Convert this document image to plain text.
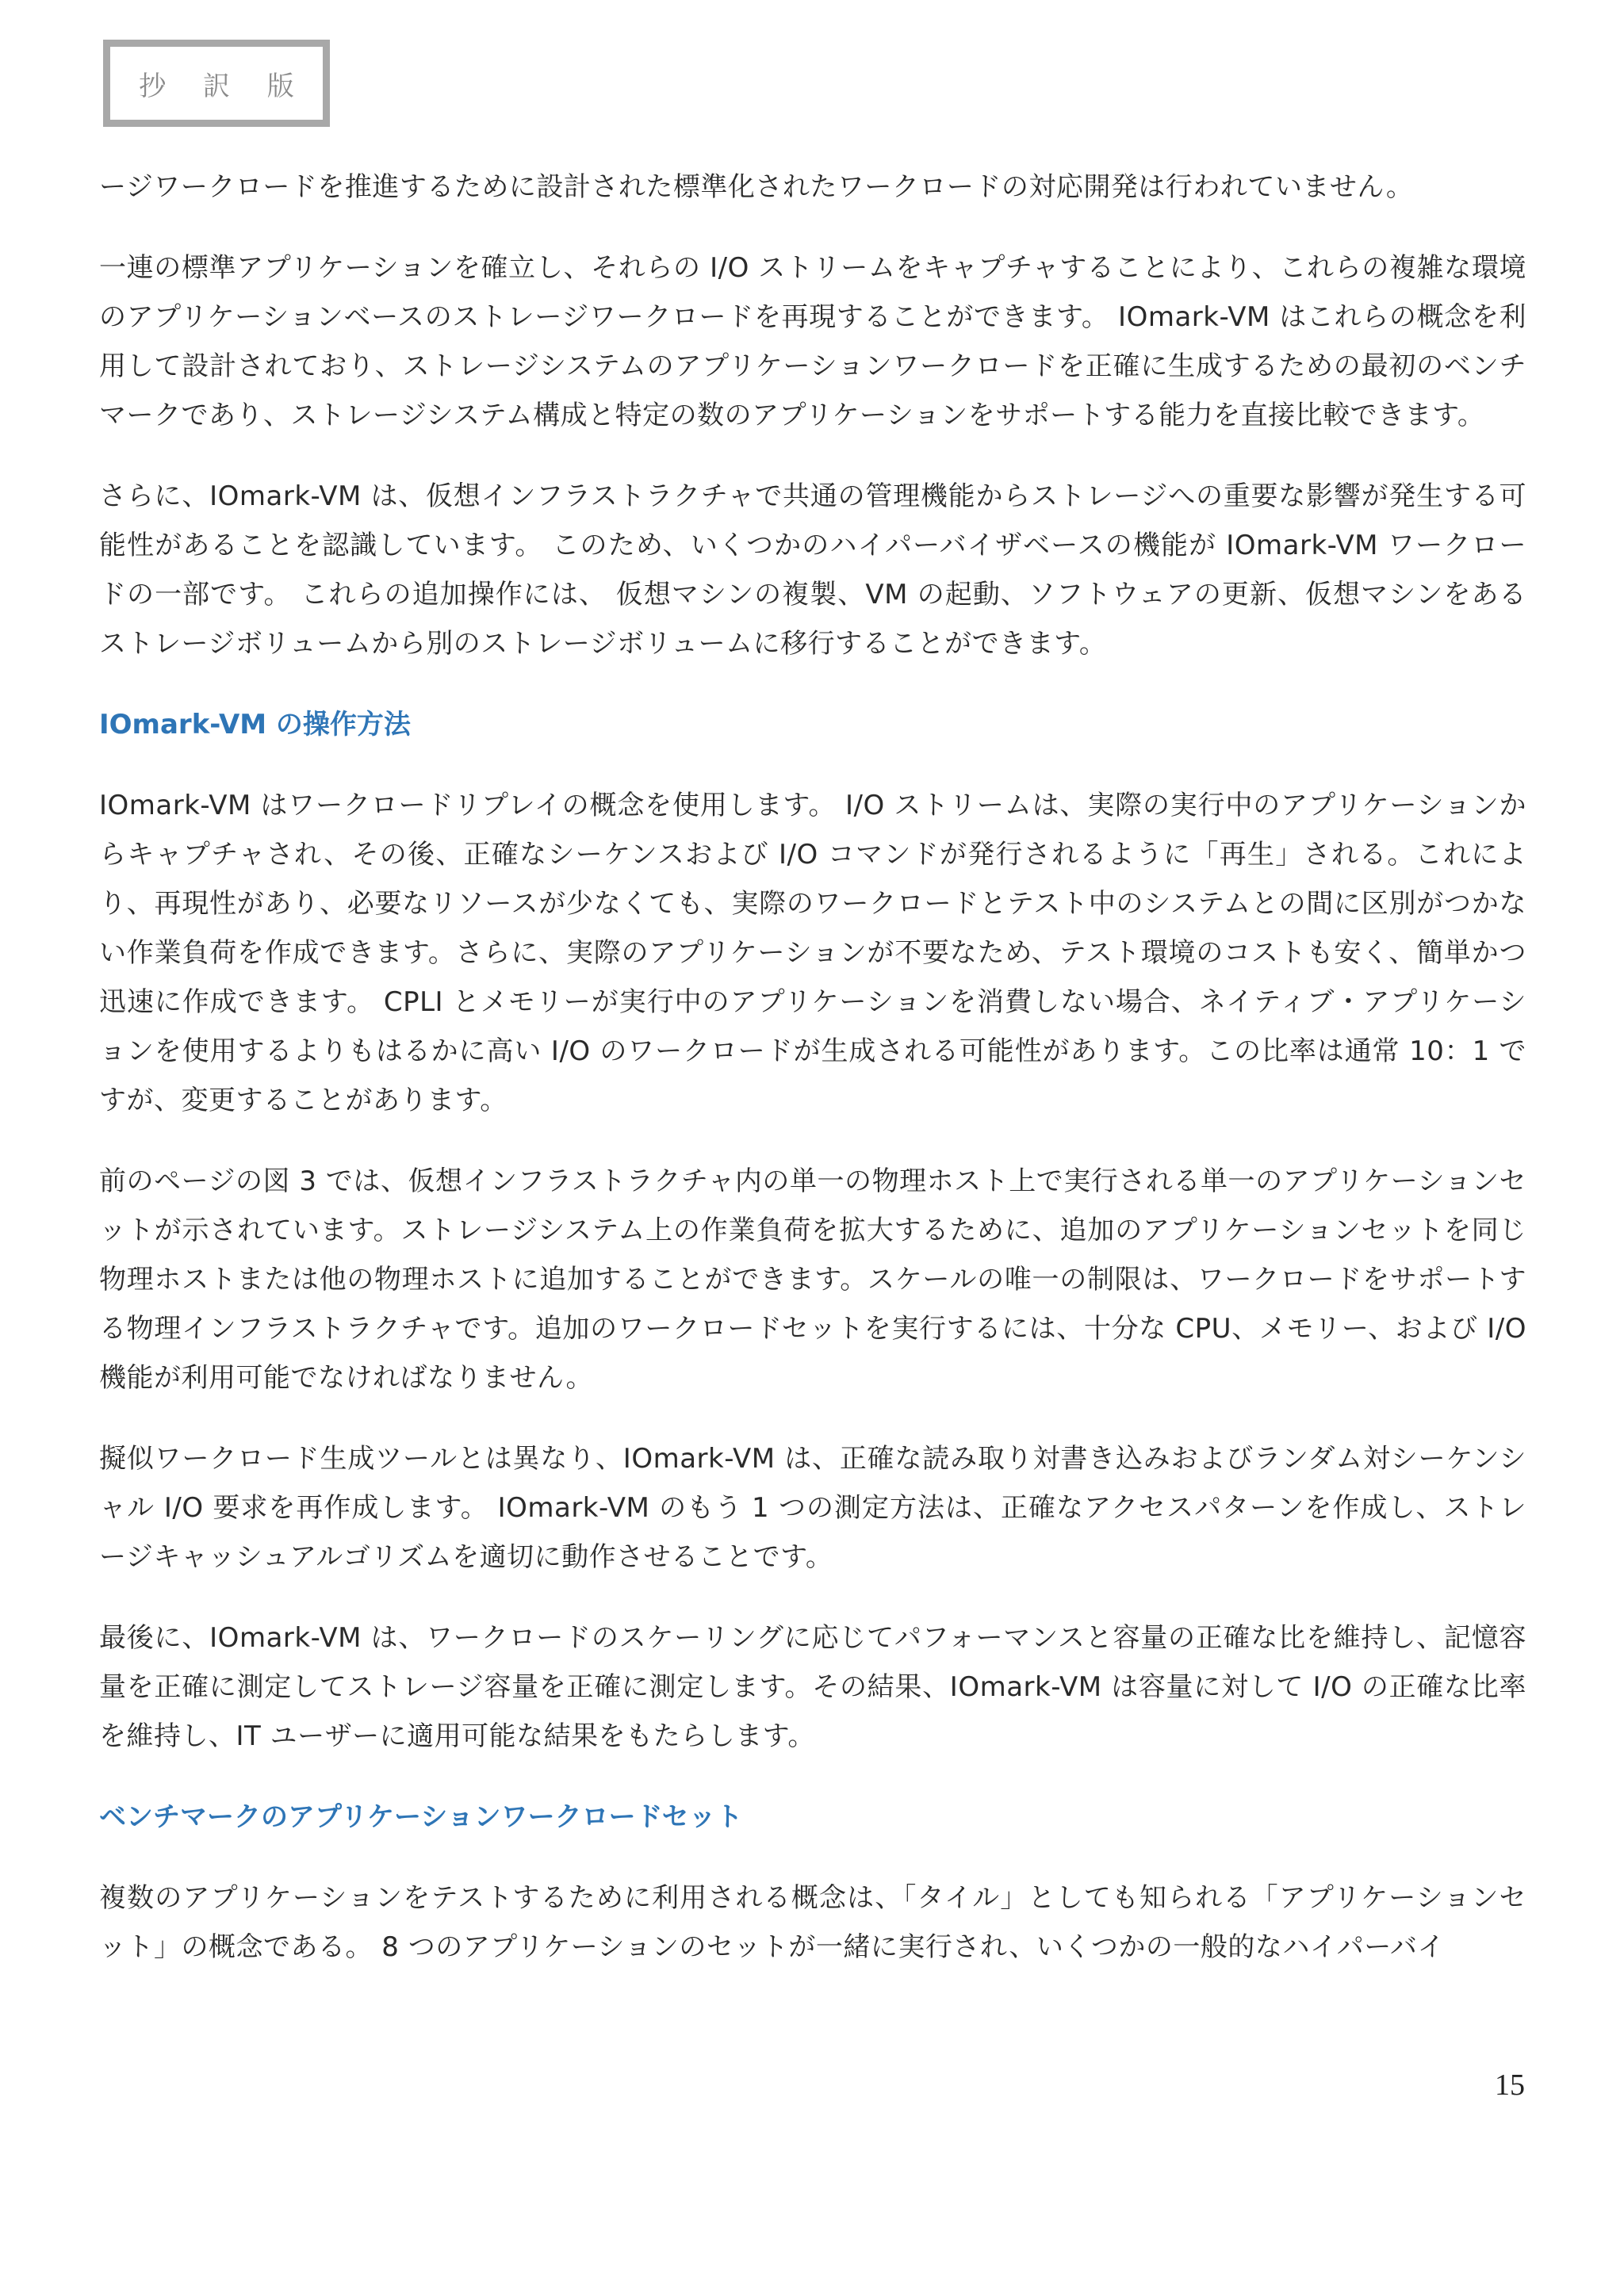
抄 訳 版

ージワークロードを推進するために設計された標準化されたワークロードの対応開発は行われていません。

一連の標準アプリケーションを確立し、それらの I/O ストリームをキャプチャすることにより、これらの複雑な環境のアプリケーションベースのストレージワークロードを再現することができます。 IOmark-VM はこれらの概念を利用して設計されており、ストレージシステムのアプリケーションワークロードを正確に生成するための最初のベンチマークであり、ストレージシステム構成と特定の数のアプリケーションをサポートする能力を直接比較できます。

さらに、IOmark-VM は、仮想インフラストラクチャで共通の管理機能からストレージへの重要な影響が発生する可能性があることを認識しています。 このため、いくつかのハイパーバイザベースの機能が IOmark-VM ワークロードの一部です。 これらの追加操作には、 仮想マシンの複製、VM の起動、ソフトウェアの更新、仮想マシンをあるストレージボリュームから別のストレージボリュームに移行することができます。

IOmark-VM の操作方法

IOmark-VM はワークロードリプレイの概念を使用します。 I/O ストリームは、実際の実行中のアプリケーションからキャプチャされ、その後、正確なシーケンスおよび I/O コマンドが発行されるように「再生」される。これにより、再現性があり、必要なリソースが少なくても、実際のワークロードとテスト中のシステムとの間に区別がつかない作業負荷を作成できます。さらに、実際のアプリケーションが不要なため、テスト環境のコストも安く、簡単かつ迅速に作成できます。 CPLI とメモリーが実行中のアプリケーションを消費しない場合、ネイティブ・アプリケーションを使用するよりもはるかに高い I/O のワークロードが生成される可能性があります。この比率は通常 10：1 ですが、変更することがあります。

前のページの図 3 では、仮想インフラストラクチャ内の単一の物理ホスト上で実行される単一のアプリケーションセットが示されています。ストレージシステム上の作業負荷を拡大するために、追加のアプリケーションセットを同じ物理ホストまたは他の物理ホストに追加することができます。スケールの唯一の制限は、ワークロードをサポートする物理インフラストラクチャです。追加のワークロードセットを実行するには、十分な CPU、メモリー、および I/O 機能が利用可能でなければなりません。

擬似ワークロード生成ツールとは異なり、IOmark-VM は、正確な読み取り対書き込みおよびランダム対シーケンシャル I/O 要求を再作成します。 IOmark-VM のもう 1 つの測定方法は、正確なアクセスパターンを作成し、ストレージキャッシュアルゴリズムを適切に動作させることです。

最後に、IOmark-VM は、ワークロードのスケーリングに応じてパフォーマンスと容量の正確な比を維持し、記憶容量を正確に測定してストレージ容量を正確に測定します。その結果、IOmark-VM は容量に対して I/O の正確な比率を維持し、IT ユーザーに適用可能な結果をもたらします。

ベンチマークのアプリケーションワークロードセット

複数のアプリケーションをテストするために利用される概念は、「タイル」としても知られる「アプリケーションセット」の概念である。 8 つのアプリケーションのセットが一緒に実行され、いくつかの一般的なハイパーバイ

15
